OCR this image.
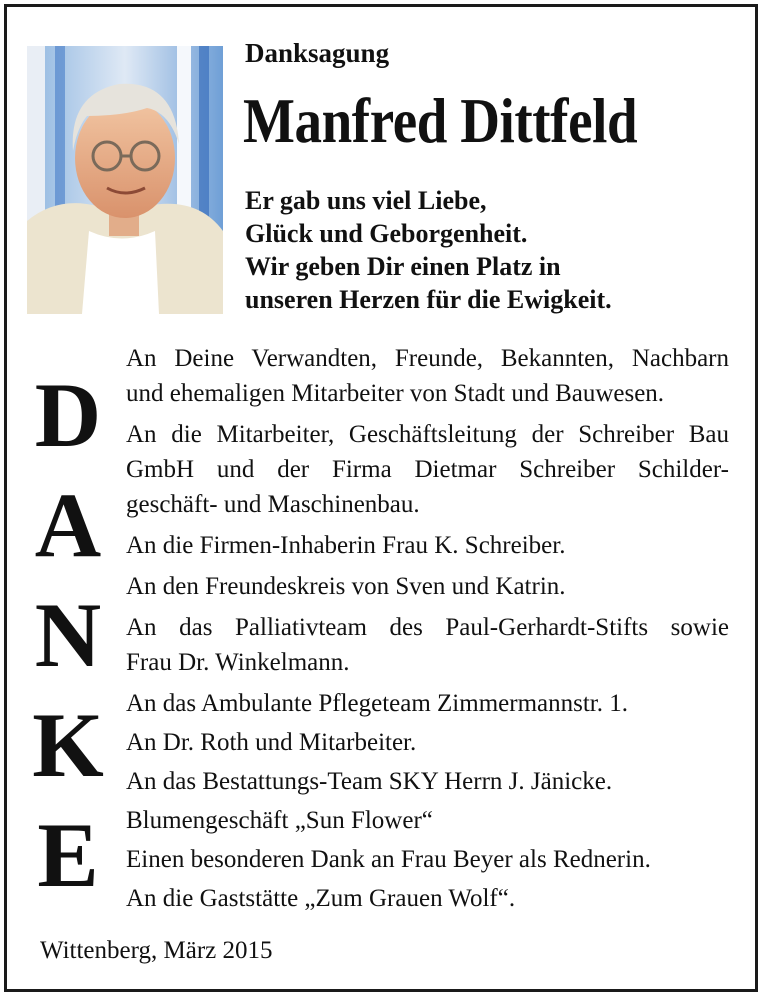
Danksagung
Manfred Dittfeld
Er gab uns viel Liebe,
Glück und Geborgenheit.
Wir geben Dir einen Platz in
unseren Herzen für die Ewigkeit.
D
A
N
K
E
An Deine Verwandten, Freunde, Bekannten, Nachbarn
und ehemaligen Mitarbeiter von Stadt und Bauwesen.
An die Mitarbeiter, Geschäftsleitung der Schreiber Bau
GmbH und der Firma Dietmar Schreiber Schilder-
geschäft- und Maschinenbau.
An die Firmen-Inhaberin Frau K. Schreiber.
An den Freundeskreis von Sven und Katrin.
An das Palliativteam des Paul-Gerhardt-Stifts sowie
Frau Dr. Winkelmann.
An das Ambulante Pflegeteam Zimmermannstr. 1.
An Dr. Roth und Mitarbeiter.
An das Bestattungs-Team SKY Herrn J. Jänicke.
Blumengeschäft „Sun Flower“
Einen besonderen Dank an Frau Beyer als Rednerin.
An die Gaststätte „Zum Grauen Wolf“.

Wittenberg, März 2015
